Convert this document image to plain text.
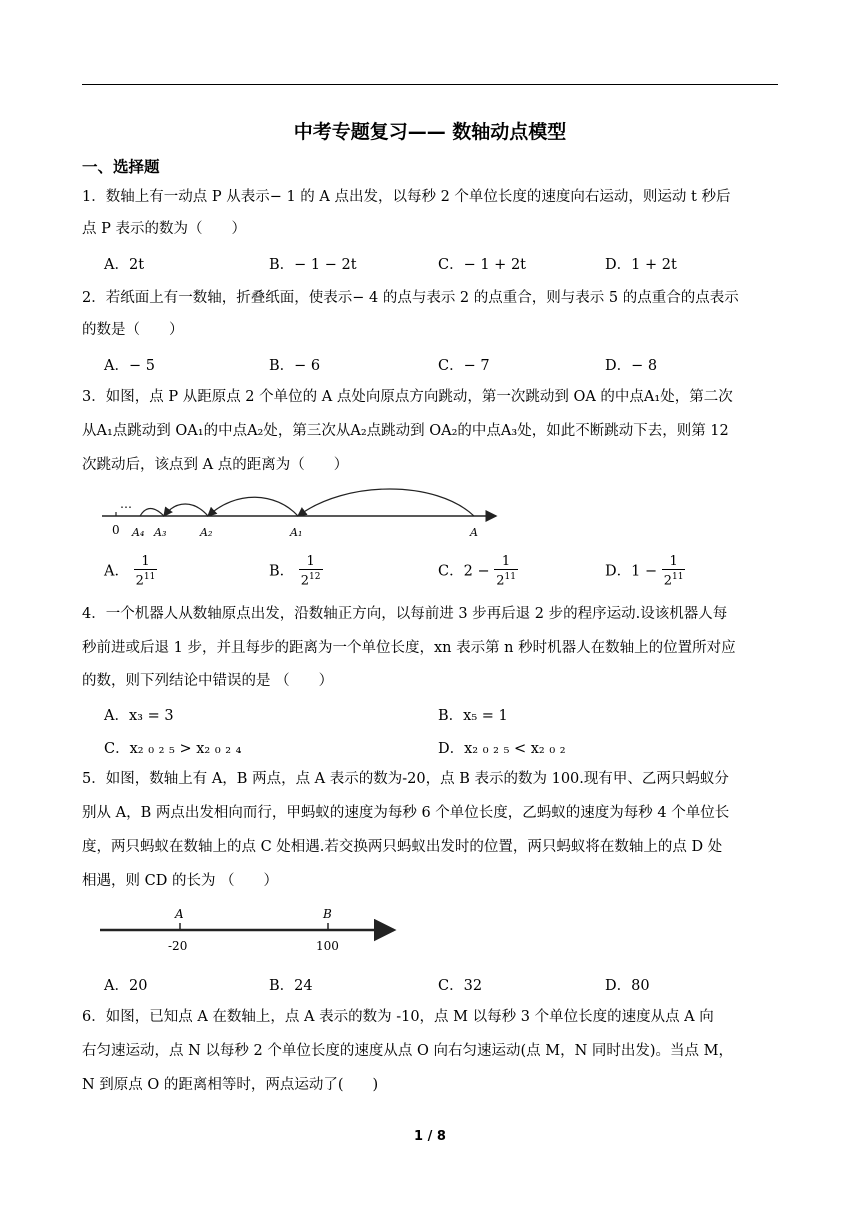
中考专题复习—— 数轴动点模型
一、选择题
1．数轴上有一动点 P 从表示− 1 的 A 点出发，以每秒 2 个单位长度的速度向右运动，则运动 t 秒后
点 P 表示的数为（　　）
A．2t	B．− 1 − 2t	C．− 1 + 2t	D．1 + 2t
2．若纸面上有一数轴，折叠纸面，使表示− 4 的点与表示 2 的点重合，则与表示 5 的点重合的点表示
的数是（　　）
A．− 5	B．− 6	C．− 7	D．− 8
3．如图，点 P 从距原点 2 个单位的 A 点处向原点方向跳动，第一次跳动到 OA 的中点A₁处，第二次
从A₁点跳动到 OA₁的中点A₂处，第三次从A₂点跳动到 OA₂的中点A₃处，如此不断跳动下去，则第 12
次跳动后，该点到 A 点的距离为（　　）
…
0 A₄ A₃	A₂	A₁	A
A． $\frac{1}{2^{11}}$	B． $\frac{1}{2^{12}}$	C．$2 - \frac{1}{2^{11}}$	D．$1 - \frac{1}{2^{11}}$
4．一个机器人从数轴原点出发，沿数轴正方向，以每前进 3 步再后退 2 步的程序运动.设该机器人每
秒前进或后退 1 步，并且每步的距离为一个单位长度，xn 表示第 n 秒时机器人在数轴上的位置所对应
的数，则下列结论中错误的是 （　　）
A．x₃ = 3	B．x₅ = 1
C．x₂ ₀ ₂ ₅ > x₂ ₀ ₂ ₄	D．x₂ ₀ ₂ ₅ < x₂ ₀ ₂
5．如图，数轴上有 A，B 两点，点 A 表示的数为-20，点 B 表示的数为 100.现有甲、乙两只蚂蚁分
别从 A，B 两点出发相向而行，甲蚂蚁的速度为每秒 6 个单位长度，乙蚂蚁的速度为每秒 4 个单位长
度，两只蚂蚁在数轴上的点 C 处相遇.若交换两只蚂蚁出发时的位置，两只蚂蚁将在数轴上的点 D 处
相遇，则 CD 的长为 （　　）
A	B
-20	100
A．20	B．24	C．32	D．80
6．如图，已知点 A 在数轴上，点 A 表示的数为 -10，点 M 以每秒 3 个单位长度的速度从点 A 向
右匀速运动，点 N 以每秒 2 个单位长度的速度从点 O 向右匀速运动(点 M，N 同时出发)。当点 M，
N 到原点 O 的距离相等时，两点运动了(　　)
1 / 8
